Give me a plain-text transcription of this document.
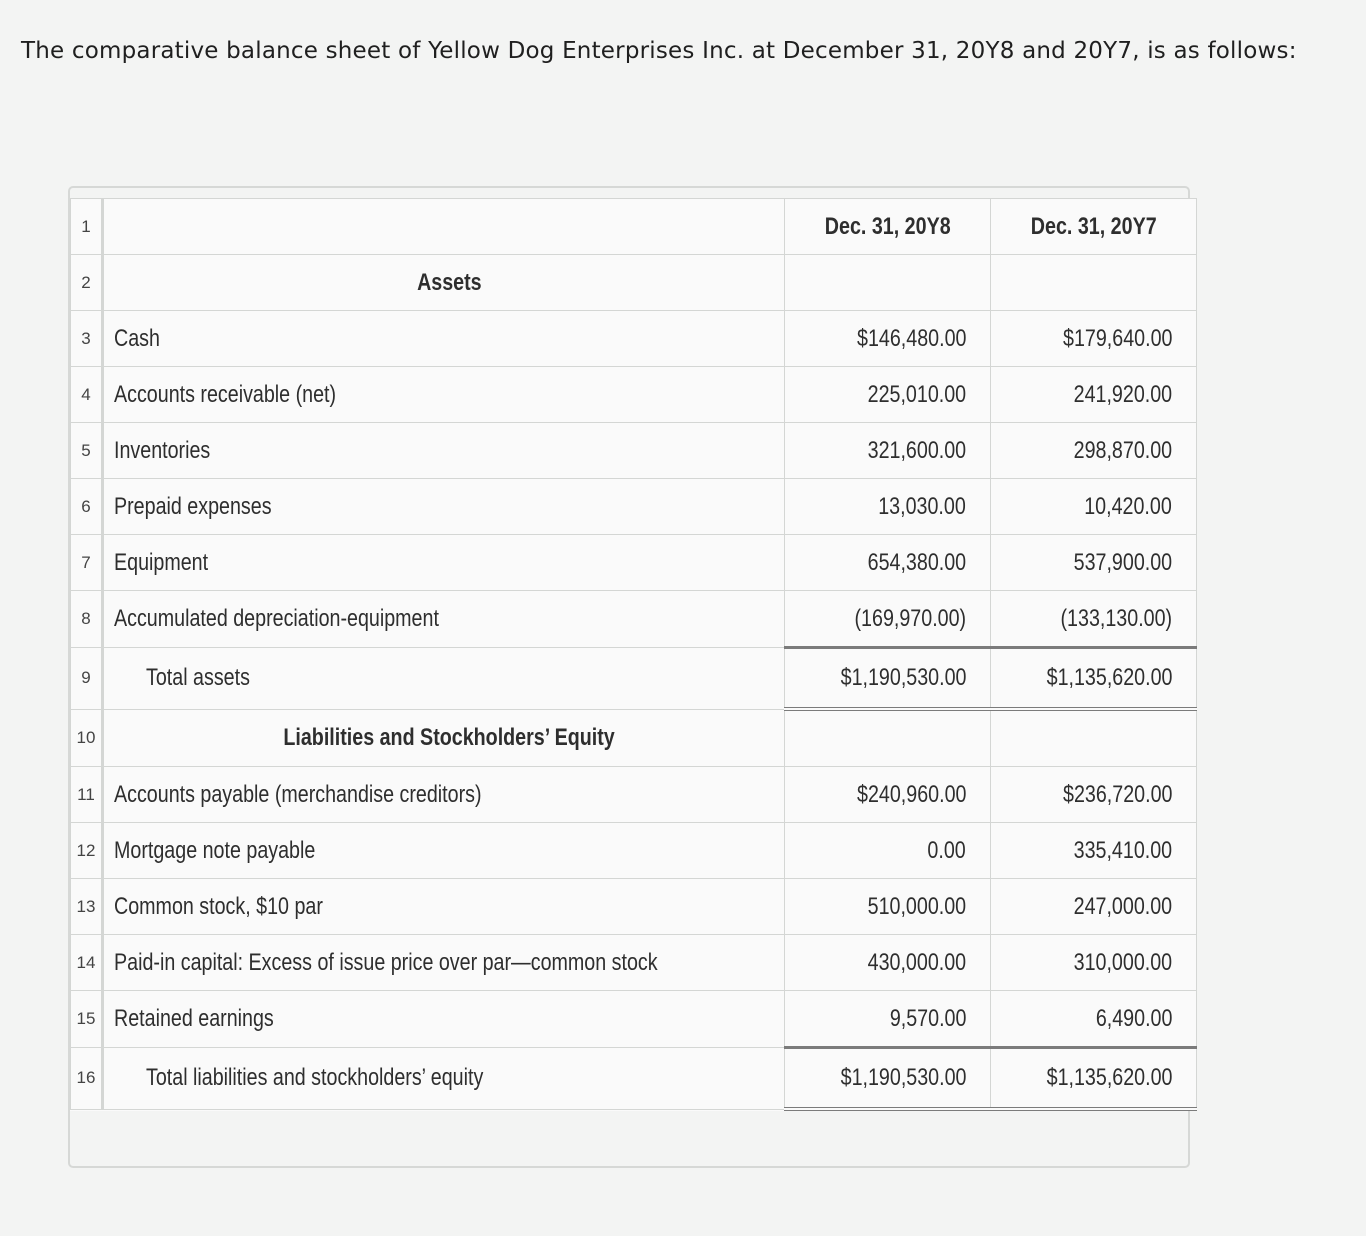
The comparative balance sheet of Yellow Dog Enterprises Inc. at December 31, 20Y8 and 20Y7, is as follows:
1		Dec. 31, 20Y8	Dec. 31, 20Y7
2	Assets		
3	Cash	$146,480.00	$179,640.00
4	Accounts receivable (net)	225,010.00	241,920.00
5	Inventories	321,600.00	298,870.00
6	Prepaid expenses	13,030.00	10,420.00
7	Equipment	654,380.00	537,900.00
8	Accumulated depreciation-equipment	(169,970.00)	(133,130.00)
9	Total assets	$1,190,530.00	$1,135,620.00
10	Liabilities and Stockholders’ Equity		
11	Accounts payable (merchandise creditors)	$240,960.00	$236,720.00
12	Mortgage note payable	0.00	335,410.00
13	Common stock, $10 par	510,000.00	247,000.00
14	Paid-in capital: Excess of issue price over par—common stock	430,000.00	310,000.00
15	Retained earnings	9,570.00	6,490.00
16	Total liabilities and stockholders’ equity	$1,190,530.00	$1,135,620.00
